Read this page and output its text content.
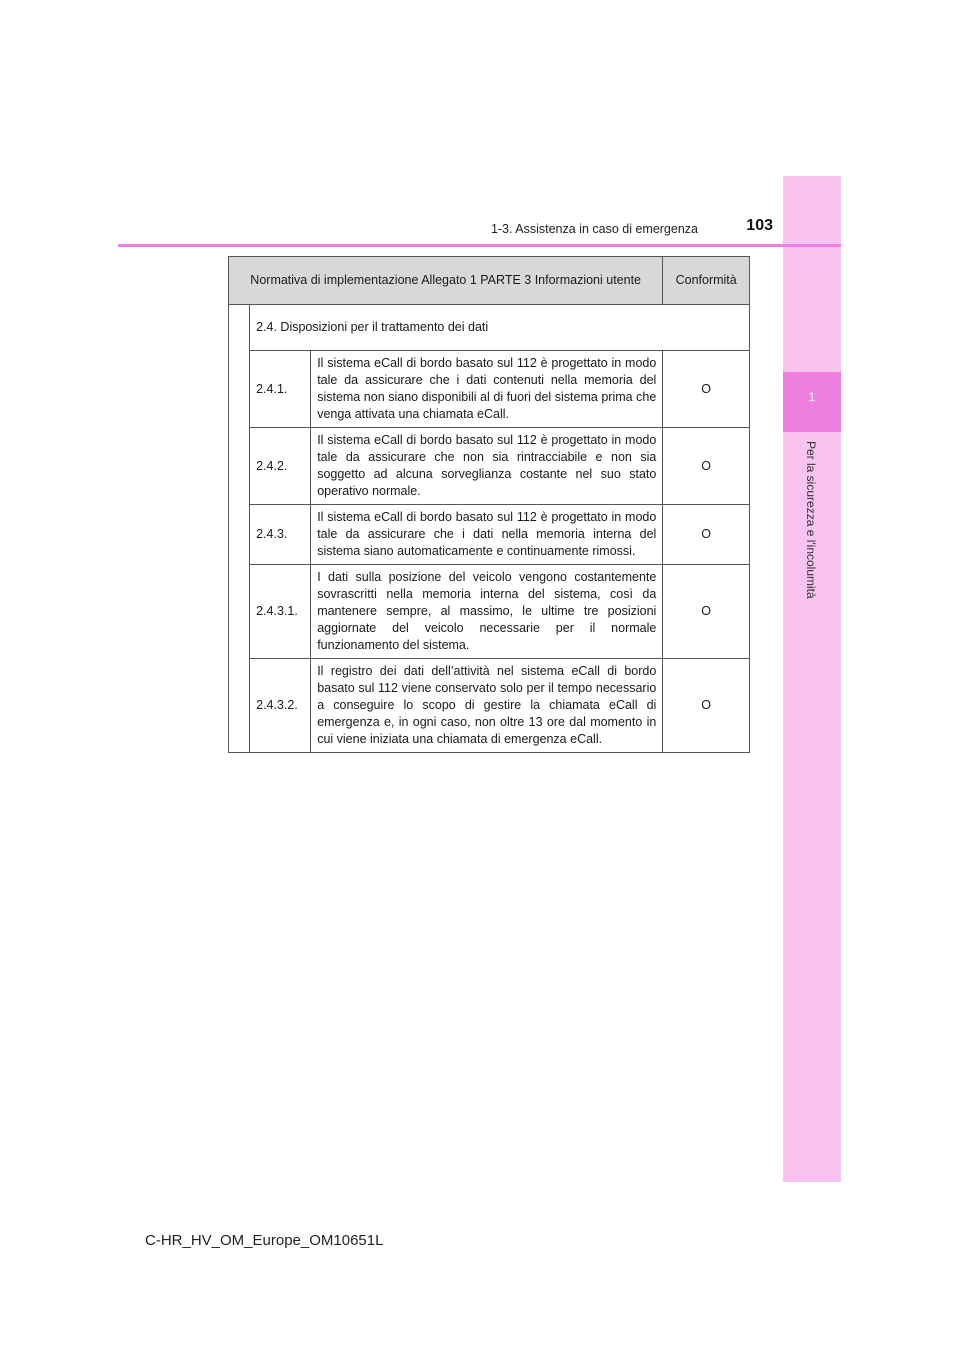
1
Per la sicurezza e l'incolumità
1-3. Assistenza in caso di emergenza	103
Normativa di implementazione Allegato 1 PARTE 3 Informazioni utente			Conformità
	2.4. Disposizioni per il trattamento dei dati		
	2.4.1.	Il sistema eCall di bordo basato sul 112 è progettato in modo tale da assicurare che i dati contenuti nella memoria del sistema non siano disponibili al di fuori del sistema prima che venga attivata una chiamata eCall.	O
	2.4.2.	Il sistema eCall di bordo basato sul 112 è progettato in modo tale da assicurare che non sia rintracciabile e non sia soggetto ad alcuna sorveglianza costante nel suo stato operativo normale.	O
	2.4.3.	Il sistema eCall di bordo basato sul 112 è progettato in modo tale da assicurare che i dati nella memoria interna del sistema siano automaticamente e continuamente rimossi.	O
	2.4.3.1.	I dati sulla posizione del veicolo vengono costantemente sovrascritti nella memoria interna del sistema, così da mantenere sempre, al massimo, le ultime tre posizioni aggiornate del veicolo necessarie per il normale funzionamento del sistema.	O
	2.4.3.2.	Il registro dei dati dell’attività nel sistema eCall di bordo basato sul 112 viene conservato solo per il tempo necessario a conseguire lo scopo di gestire la chiamata eCall di emergenza e, in ogni caso, non oltre 13 ore dal momento in cui viene iniziata una chiamata di emergenza eCall.	O
C-HR_HV_OM_Europe_OM10651L
